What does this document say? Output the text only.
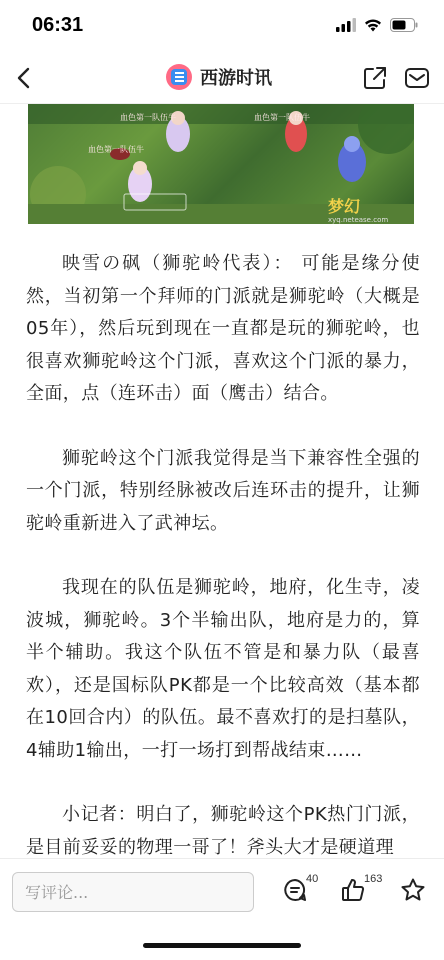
06:31
西游时讯
梦幻
xyq.netease.com
血色第一队伍牛
血色第一队伍牛
血色第一队伍牛

映雪の砜（狮驼岭代表）： 可能是缘分使然，当初第一个拜师的门派就是狮驼岭（大概是05年），然后玩到现在一直都是玩的狮驼岭，也很喜欢狮驼岭这个门派，喜欢这个门派的暴力，全面，点（连环击）面（鹰击）结合。

狮驼岭这个门派我觉得是当下兼容性全强的一个门派，特别经脉被改后连环击的提升，让狮驼岭重新进入了武神坛。

我现在的队伍是狮驼岭，地府，化生寺，凌波城，狮驼岭。3个半输出队，地府是力的，算半个辅助。我这个队伍不管是和暴力队（最喜欢），还是国标队PK都是一个比较高效（基本都在10回合内）的队伍。最不喜欢打的是扫墓队，4辅助1输出，一打一场打到帮战结束……

小记者：明白了，狮驼岭这个PK热门门派，是目前妥妥的物理一哥了！斧头大才是硬道理

写评论...
40	163
